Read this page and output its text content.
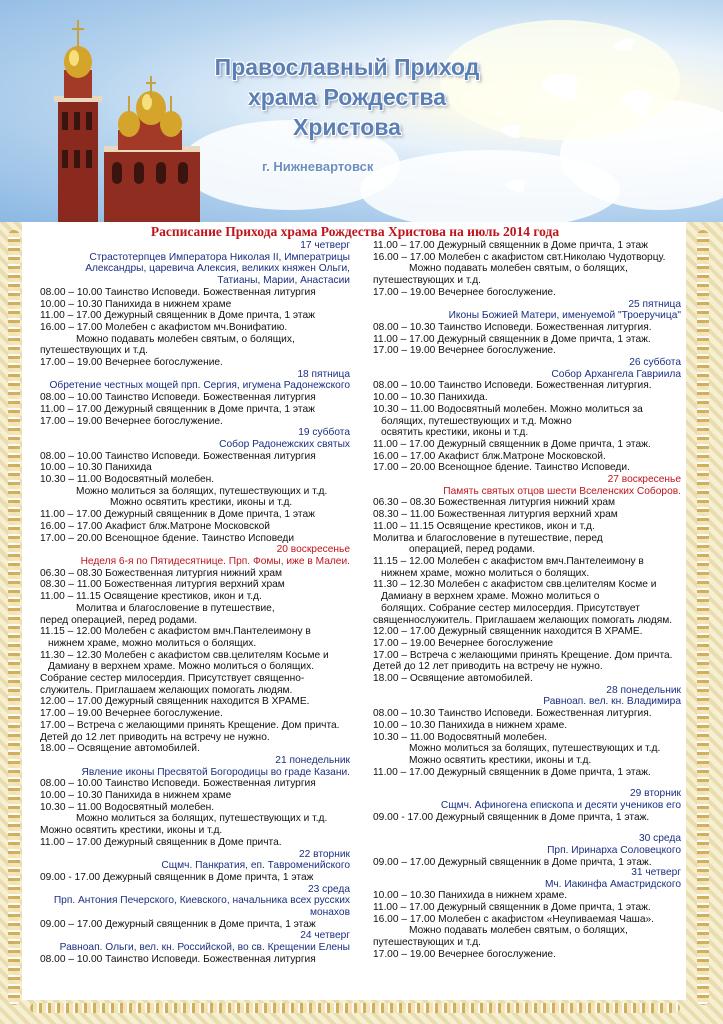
Православный Приход
храма Рождества
Христова
г. Нижневартовск
Расписание Прихода храма Рождества Христова на июль 2014 года
17 четверг
Страстотерпцев Императора Николая II, Императрицы
Александры, царевича Алексия, великих княжен Ольги,
Татианы, Марии, Анастасии
08.00 – 10.00 Таинство Исповеди. Божественная литургия
10.00 – 10.30 Панихида в нижнем храме
11.00 – 17.00 Дежурный священник в Доме причта, 1 этаж
16.00 – 17.00 Молебен с акафистом мч.Вонифатию.
Можно подавать молебен святым, о болящих,
путешествующих и т.д.
17.00 – 19.00 Вечернее богослужение.
18 пятница
Обретение честных мощей прп. Сергия, игумена Радонежского
08.00 – 10.00 Таинство Исповеди. Божественная литургия
11.00 – 17.00 Дежурный священник в Доме причта, 1 этаж
17.00 – 19.00 Вечернее богослужение.
19 суббота
Собор Радонежских святых
08.00 – 10.00 Таинство Исповеди. Божественная литургия
10.00 – 10.30 Панихида
10.30 – 11.00 Водосвятный молебен.
Можно молиться за болящих, путешествующих и т.д.
Можно освятить крестики, иконы и т.д.
11.00 – 17.00 Дежурный священник в Доме причта, 1 этаж
16.00 – 17.00 Акафист блж.Матроне Московской
17.00 – 20.00 Всенощное бдение. Таинство Исповеди
20 воскресенье
Неделя 6-я по Пятидесятнице. Прп. Фомы, иже в Малеи.
06.30 – 08.30 Божественная литургия нижний храм
08.30 – 11.00 Божественная литургия верхний храм
11.00 – 11.15 Освящение крестиков, икон и т.д.
Молитва и благословение в путешествие,
перед операцией, перед родами.
11.15 – 12.00 Молебен с акафистом вмч.Пантелеимону в
нижнем храме, можно молиться о болящих.
11.30 – 12.30 Молебен с акафистом свв.целителям Косьме и
Дамиану в верхнем храме. Можно молиться о болящих.
Собрание сестер милосердия. Присутствует священно-
служитель. Приглашаем желающих помогать людям.
12.00 – 17.00 Дежурный священник находится В ХРАМЕ.
17.00 – 19.00 Вечернее богослужение.
17.00 – Встреча с желающими принять Крещение. Дом причта.
Детей до 12 лет приводить на встречу не нужно.
18.00 – Освящение автомобилей.
21 понедельник
Явление иконы Пресвятой Богородицы во граде Казани.
08.00 – 10.00 Таинство Исповеди. Божественная литургия
10.00 – 10.30 Панихида в нижнем храме
10.30 – 11.00 Водосвятный молебен.
Можно молиться за болящих, путешествующих и т.д.
Можно освятить крестики, иконы и т.д.
11.00 – 17.00 Дежурный священник в Доме причта.
22 вторник
Сщмч. Панкратия, еп. Тавроменийского
09.00 - 17.00 Дежурный священник в Доме причта, 1 этаж
23 среда
Прп. Антония Печерского, Киевского, начальника всех русских
монахов
09.00 – 17.00 Дежурный священник в Доме причта, 1 этаж
24 четверг
Равноап. Ольги, вел. кн. Российской, во св. Крещении Елены
08.00 – 10.00 Таинство Исповеди. Божественная литургия
11.00 – 17.00 Дежурный священник в Доме причта, 1 этаж
16.00 – 17.00 Молебен с акафистом свт.Николаю Чудотворцу.
Можно подавать молебен святым, о болящих,
путешествующих и т.д.
17.00 – 19.00 Вечернее богослужение.
25 пятница
Иконы Божией Матери, именуемой "Троеручица"
08.00 – 10.30 Таинство Исповеди. Божественная литургия.
11.00 – 17.00 Дежурный священник в Доме причта, 1 этаж.
17.00 – 19.00 Вечернее богослужение.
26 суббота
Собор Архангела Гавриила
08.00 – 10.00 Таинство Исповеди. Божественная литургия.
10.00 – 10.30 Панихида.
10.30 – 11.00 Водосвятный молебен. Можно молиться за
болящих, путешествующих и т.д. Можно
освятить крестики, иконы и т.д.
11.00 – 17.00 Дежурный священник в Доме причта, 1 этаж.
16.00 – 17.00 Акафист блж.Матроне Московской.
17.00 – 20.00 Всенощное бдение. Таинство Исповеди.
27 воскресенье
Память святых отцов шести Вселенских Соборов.
06.30 – 08.30 Божественная литургия нижний храм
08.30 – 11.00 Божественная литургия верхний храм
11.00 – 11.15 Освящение крестиков, икон и т.д.
Молитва и благословение в путешествие, перед
операцией, перед родами.
11.15 – 12.00 Молебен с акафистом вмч.Пантелеимону в
нижнем храме, можно молиться о болящих.
11.30 – 12.30 Молебен с акафистом свв.целителям Косме и
Дамиану в верхнем храме. Можно молиться о
болящих. Собрание сестер милосердия. Присутствует
священнослужитель. Приглашаем желающих помогать людям.
12.00 – 17.00 Дежурный священник находится В ХРАМЕ.
17.00 – 19.00 Вечернее богослужение
17.00 – Встреча с желающими принять Крещение. Дом причта.
Детей до 12 лет приводить на встречу не нужно.
18.00 – Освящение автомобилей.
28 понедельник
Равноап. вел. кн. Владимира
08.00 – 10.30 Таинство Исповеди. Божественная литургия.
10.00 – 10.30 Панихида в нижнем храме.
10.30 – 11.00 Водосвятный молебен.
Можно молиться за болящих, путешествующих и т.д.
Можно освятить крестики, иконы и т.д.
11.00 – 17.00 Дежурный священник в Доме причта, 1 этаж.
29 вторник
Сщмч. Афиногена епископа и десяти учеников его
09.00 - 17.00 Дежурный священник в Доме причта, 1 этаж.
30 среда
Прп. Иринарха Соловецкого
09.00 – 17.00 Дежурный священник в Доме причта, 1 этаж.
31 четверг
Мч. Иакинфа Амастридского
10.00 – 10.30 Панихида в нижнем храме.
11.00 – 17.00 Дежурный священник в Доме причта, 1 этаж.
16.00 – 17.00 Молебен с акафистом «Неупиваемая Чаша».
Можно подавать молебен святым, о болящих,
путешествующих и т.д.
17.00 – 19.00 Вечернее богослужение.
